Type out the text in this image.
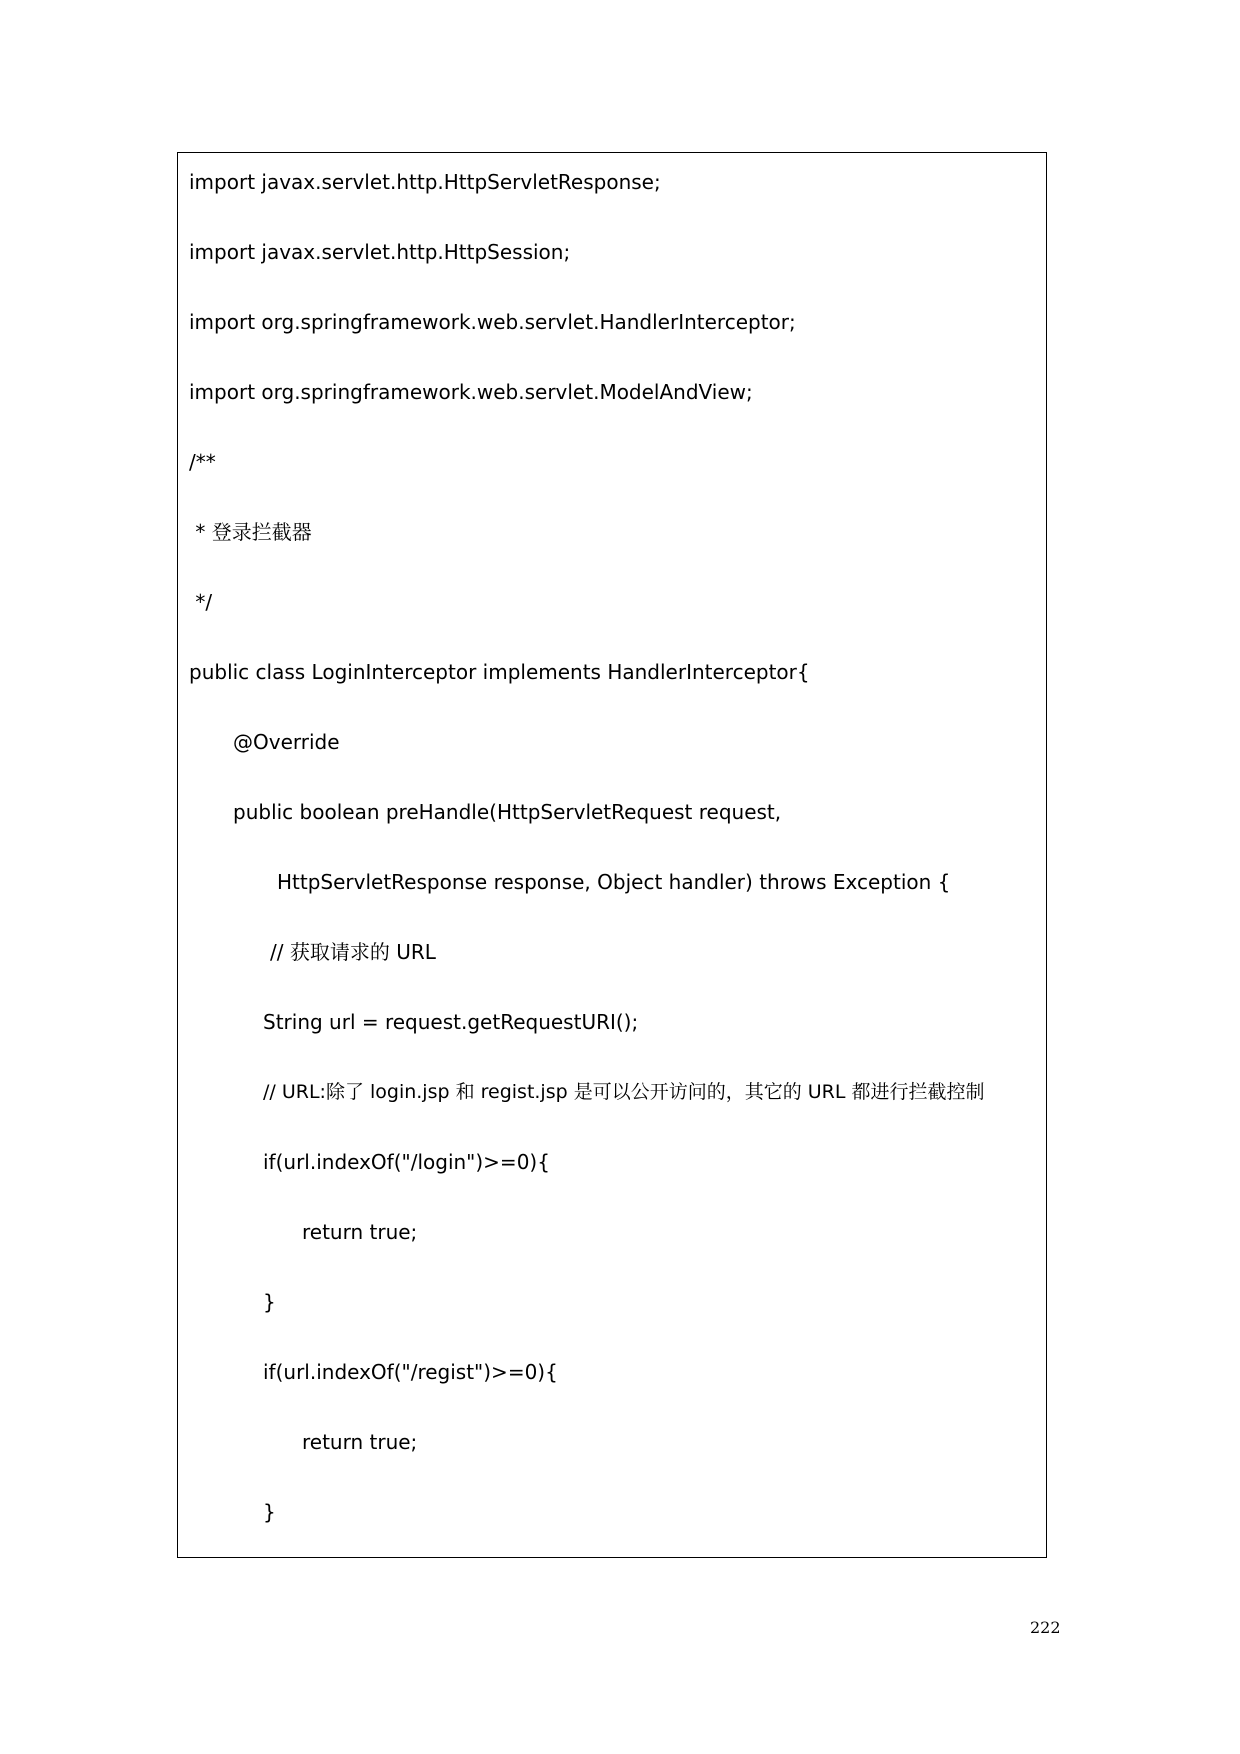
import javax.servlet.http.HttpServletResponse;
import javax.servlet.http.HttpSession;
import org.springframework.web.servlet.HandlerInterceptor;
import org.springframework.web.servlet.ModelAndView;
/**
* 登录拦截器
*/
public class LoginInterceptor implements HandlerInterceptor{
@Override
public boolean preHandle(HttpServletRequest request,
HttpServletResponse response, Object handler) throws Exception {
// 获取请求的 URL
String url = request.getRequestURI();
// URL:除了 login.jsp 和 regist.jsp 是可以公开访问的，其它的 URL 都进行拦截控制
if(url.indexOf("/login")>=0){
return true;
}
if(url.indexOf("/regist")>=0){
return true;
}
222
